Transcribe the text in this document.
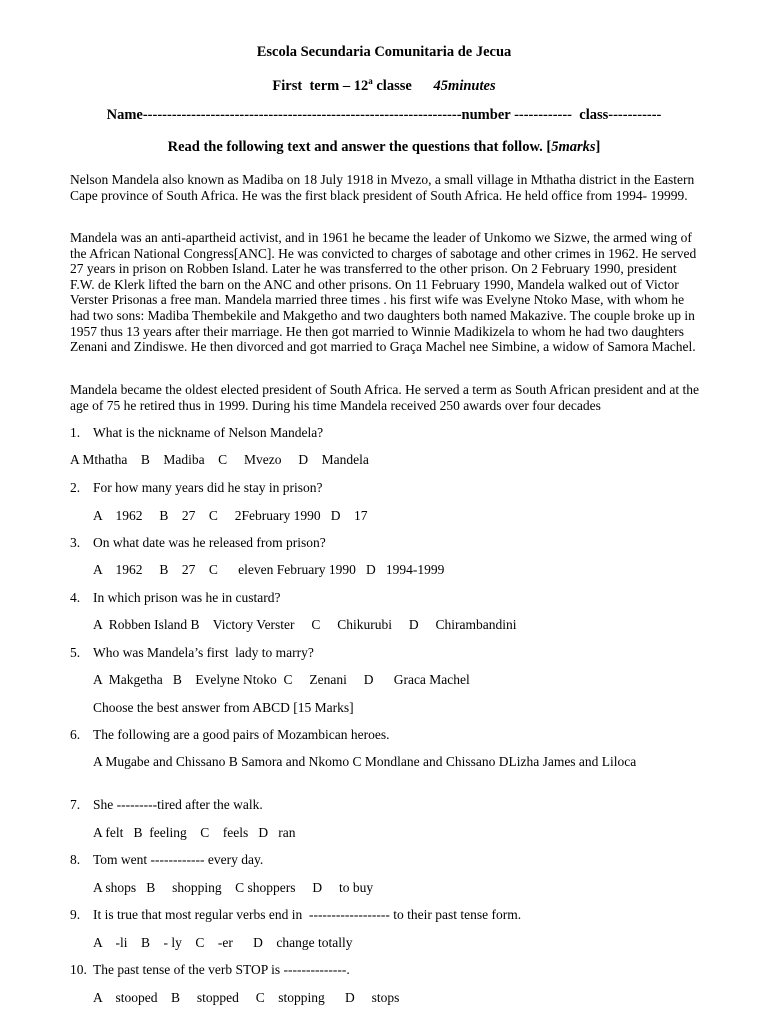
Escola Secundaria Comunitaria de Jecua
First  term – 12$^a$ classe 45minutes
Name------------------------------------------------------------------number ------------ class-----------
Read the following text and answer the questions that follow. [5marks]

Nelson Mandela also known as Madiba on 18 July 1918 in Mvezo, a small village in Mthatha district in the Eastern Cape province of South Africa. He was the first black president of South Africa. He held office from 1994- 19999.

Mandela was an anti-apartheid activist, and in 1961 he became the leader of Unkomo we Sizwe, the armed wing of the African National Congress[ANC]. He was convicted to charges of sabotage and other crimes in 1962. He served 27 years in prison on Robben Island. Later he was transferred to the other prison. On 2 February 1990, president F.W. de Klerk lifted the barn on the ANC and other prisons. On 11 February 1990, Mandela walked out of Victor Verster Prisonas a free man. Mandela married three times . his first wife was Evelyne Ntoko Mase, with whom he had two sons: Madiba Thembekile and Makgetho and two daughters both named Makazive. The couple broke up in 1957 thus 13 years after their marriage. He then got married to Winnie Madikizela to whom he had two daughters Zenani and Zindiswe. He then divorced and got married to Graça Machel nee Simbine, a widow of Samora Machel.

Mandela became the oldest elected president of South Africa. He served a term as South African president and at the age of 75 he retired thus in 1999. During his time Mandela received 250 awards over four decades

1. What is the nickname of Nelson Mandela?
A Mthatha    B    Madiba    C     Mvezo     D    Mandela
2. For how many years did he stay in prison?
A    1962     B    27    C     2February 1990   D    17
3. On what date was he released from prison?
A    1962     B    27    C      eleven February 1990   D   1994-1999
4. In which prison was he in custard?
A  Robben Island B    Victory Verster     C     Chikurubi     D     Chirambandini
5. Who was Mandela’s first  lady to marry?
A  Makgetha   B    Evelyne Ntoko  C     Zenani     D      Graca Machel
Choose the best answer from ABCD [15 Marks]
6. The following are a good pairs of Mozambican heroes.
A Mugabe and Chissano B Samora and Nkomo C Mondlane and Chissano DLizha James and Liloca
7. She ---------tired after the walk.
A felt   B  feeling    C    feels   D   ran
8. Tom went ------------ every day.
A shops   B     shopping    C shoppers     D     to buy
9. It is true that most regular verbs end in  ------------------ to their past tense form.
A    -li    B    - ly    C    -er      D    change totally
10. The past tense of the verb STOP is --------------.
A    stooped    B     stopped     C    stopping      D     stops
